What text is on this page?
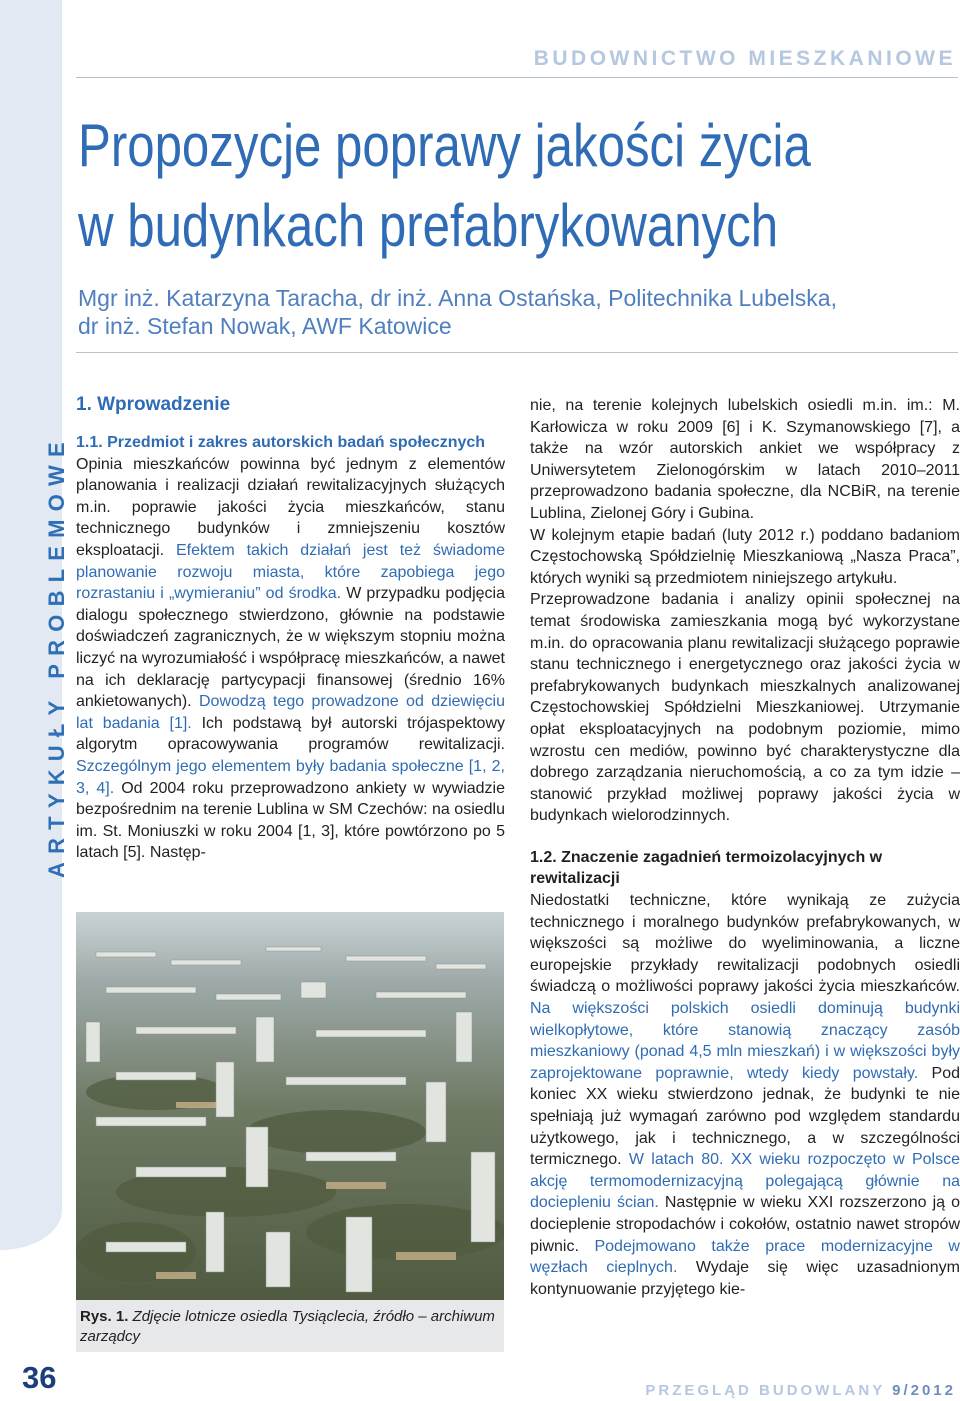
ARTYKUŁY PROBLEMOWE
36
BUDOWNICTWO MIESZKANIOWE
Propozycje poprawy jakości życia
w budynkach prefabrykowanych
Mgr inż. Katarzyna Taracha, dr inż. Anna Ostańska, Politechnika Lubelska,
dr inż. Stefan Nowak, AWF Katowice
1. Wprowadzenie
1.1. Przedmiot i zakres autorskich badań społecznych

Opinia mieszkańców powinna być jednym z elementów planowania i realizacji działań rewitalizacyjnych służących m.in. poprawie jakości życia mieszkańców, stanu technicznego budynków i zmniejszeniu kosztów eksploatacji. Efektem takich działań jest też świadome planowanie rozwoju miasta, które zapobiega jego rozrastaniu i „wymieraniu” od środka. W przypadku podjęcia dialogu społecznego stwierdzono, głównie na podstawie doświadczeń zagranicznych, że w większym stopniu można liczyć na wyrozumiałość i współpracę mieszkańców, a nawet na ich deklarację partycypacji finansowej (średnio 16% ankietowanych). Dowodzą tego prowadzone od dziewięciu lat badania [1]. Ich podstawą był autorski trójaspektowy algorytm opracowywania programów rewitalizacji. Szczególnym jego elementem były badania społeczne [1, 2, 3, 4]. Od 2004 roku przeprowadzono ankiety w wywiadzie bezpośrednim na terenie Lublina w SM Czechów: na osiedlu im. St. Moniuszki w roku 2004 [1, 3], które powtórzono po 5 latach [5]. Następ-

Rys. 1. Zdjęcie lotnicze osiedla Tysiąclecia, źródło – archiwum zarządcy

nie, na terenie kolejnych lubelskich osiedli m.in. im.: M. Karłowicza w roku 2009 [6] i K. Szymanowskiego [7], a także na wzór autorskich ankiet we współpracy z Uniwersytetem Zielonogórskim w latach 2010–2011 przeprowadzono badania społeczne, dla NCBiR, na terenie Lublina, Zielonej Góry i Gubina.

W kolejnym etapie badań (luty 2012 r.) poddano badaniom Częstochowską Spółdzielnię Mieszkaniową „Nasza Praca”, których wyniki są przedmiotem niniejszego artykułu.

Przeprowadzone badania i analizy opinii społecznej na temat środowiska zamieszkania mogą być wykorzystane m.in. do opracowania planu rewitalizacji służącego poprawie stanu technicznego i energetycznego oraz jakości życia w prefabrykowanych budynkach mieszkalnych analizowanej Częstochowskiej Spółdzielni Mieszkaniowej. Utrzymanie opłat eksploatacyjnych na podobnym poziomie, mimo wzrostu cen mediów, powinno być charakterystyczne dla dobrego zarządzania nieruchomością, a co za tym idzie – stanowić przykład możliwej poprawy jakości życia w budynkach wielorodzinnych.

1.2. Znaczenie zagadnień termoizolacyjnych w rewitalizacji

Niedostatki techniczne, które wynikają ze zużycia technicznego i moralnego budynków prefabrykowanych, w większości są możliwe do wyeliminowania, a liczne europejskie przykłady rewitalizacji podobnych osiedli świadczą o możliwości poprawy jakości życia mieszkańców. Na większości polskich osiedli dominują budynki wielkopłytowe, które stanowią znaczący zasób mieszkaniowy (ponad 4,5 mln mieszkań) i w większości były zaprojektowane poprawnie, wtedy kiedy powstały. Pod koniec XX wieku stwierdzono jednak, że budynki te nie spełniają już wymagań zarówno pod względem standardu użytkowego, jak i technicznego, a w szczególności termicznego. W latach 80. XX wieku rozpoczęto w Polsce akcję termomodernizacyjną polegającą głównie na dociepleniu ścian. Następnie w wieku XXI rozszerzono ją o docieplenie stropodachów i cokołów, ostatnio nawet stropów piwnic. Podejmowano także prace modernizacyjne w węzłach cieplnych. Wydaje się więc uzasadnionym kontynuowanie przyjętego kie-

PRZEGLĄD BUDOWLANY 9/2012
